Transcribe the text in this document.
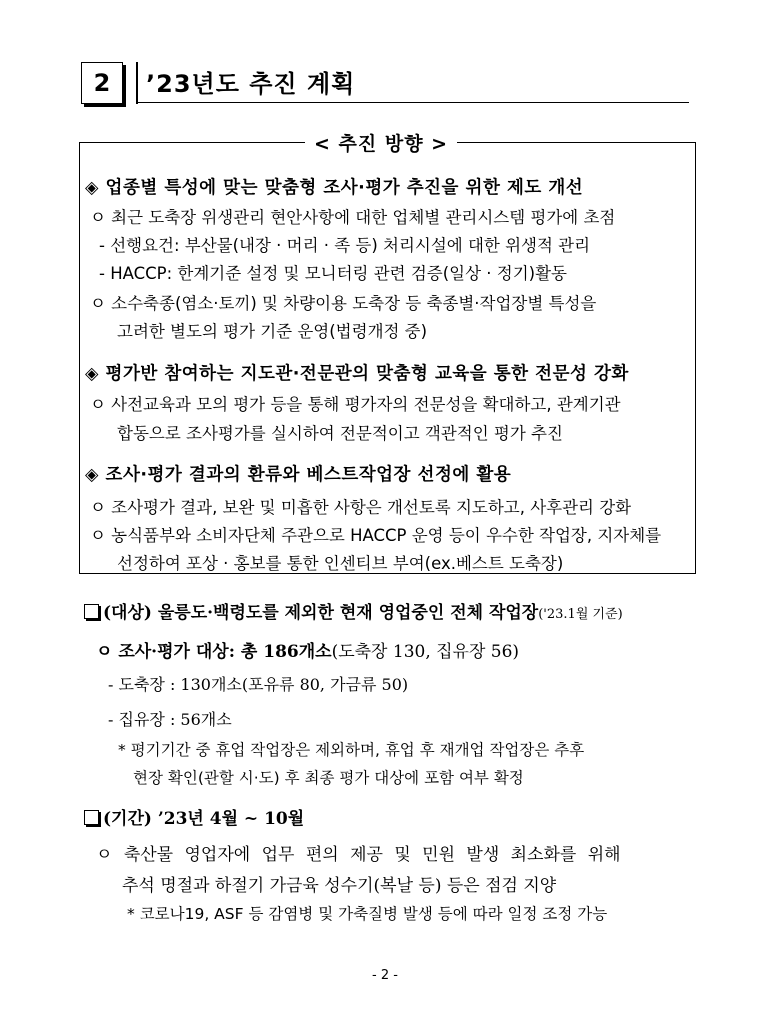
2 ’23년도 추진 계획
< 추진 방향 >
◈ 업종별 특성에 맞는 맞춤형 조사·평가 추진을 위한 제도 개선
ㅇ 최근 도축장 위생관리 현안사항에 대한 업체별 관리시스템 평가에 초점
- 선행요건: 부산물(내장 · 머리 · 족 등) 처리시설에 대한 위생적 관리
- HACCP: 한계기준 설정 및 모니터링 관련 검증(일상 · 정기)활동
ㅇ 소수축종(염소·토끼) 및 차량이용 도축장 등 축종별·작업장별 특성을
고려한 별도의 평가 기준 운영(법령개정 중)
◈ 평가반 참여하는 지도관·전문관의 맞춤형 교육을 통한 전문성 강화
ㅇ 사전교육과 모의 평가 등을 통해 평가자의 전문성을 확대하고, 관계기관
합동으로 조사평가를 실시하여 전문적이고 객관적인 평가 추진
◈ 조사·평가 결과의 환류와 베스트작업장 선정에 활용
ㅇ 조사평가 결과, 보완 및 미흡한 사항은 개선토록 지도하고, 사후관리 강화
ㅇ 농식품부와 소비자단체 주관으로 HACCP 운영 등이 우수한 작업장, 지자체를
선정하여 포상 · 홍보를 통한 인센티브 부여(ex.베스트 도축장)
(대상) 울릉도·백령도를 제외한 현재 영업중인 전체 작업장('23.1월 기준)
ㅇ 조사·평가 대상: 총 186개소(도축장 130, 집유장 56)
- 도축장 : 130개소(포유류 80, 가금류 50)
- 집유장 : 56개소
* 평기기간 중 휴업 작업장은 제외하며, 휴업 후 재개업 작업장은 추후
현장 확인(관할 시·도) 후 최종 평가 대상에 포함 여부 확정
(기간) ’23년 4월 ~ 10월
ㅇ 축산물 영업자에 업무 편의 제공 및 민원 발생 최소화를 위해
추석 명절과 하절기 가금육 성수기(복날 등) 등은 점검 지양
* 코로나19, ASF 등 감염병 및 가축질병 발생 등에 따라 일정 조정 가능
- 2 -
